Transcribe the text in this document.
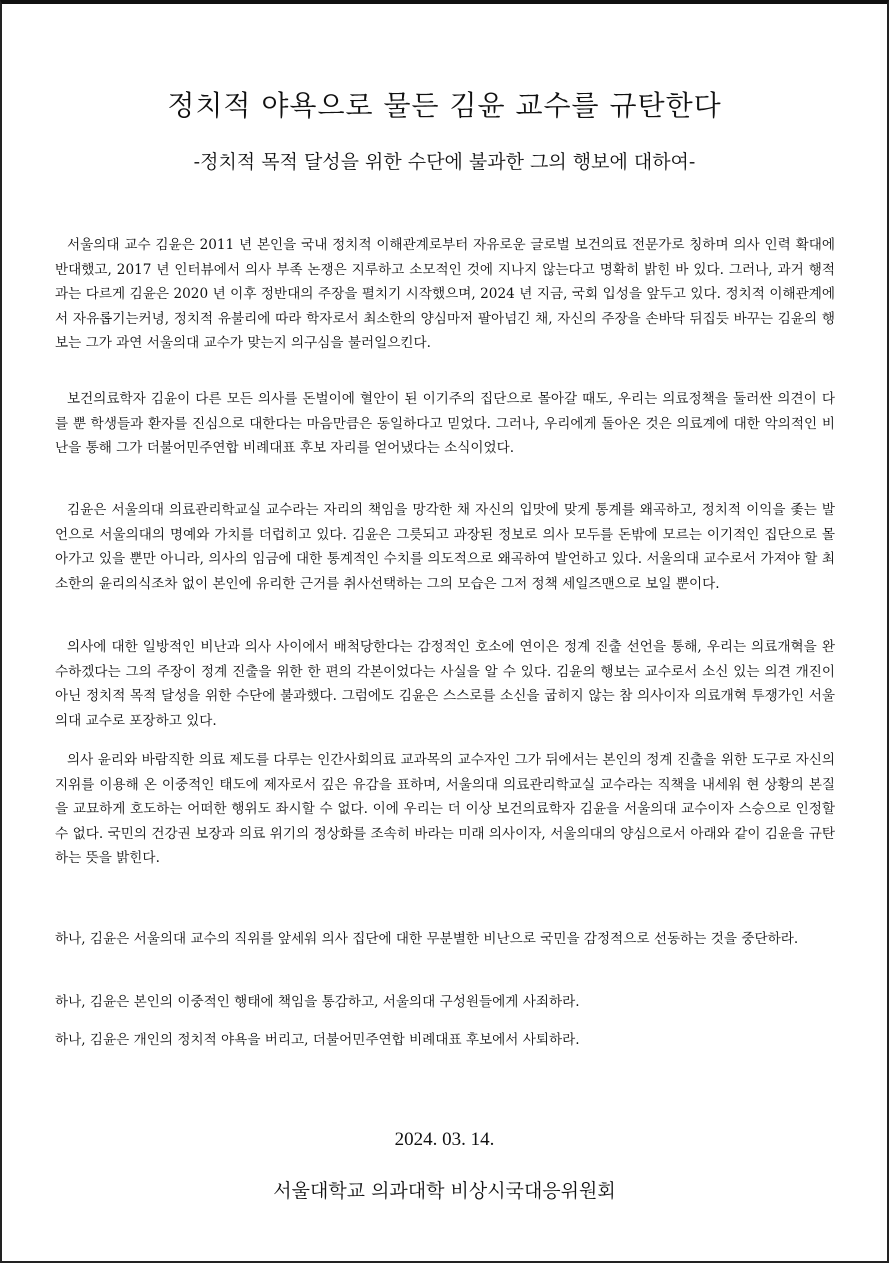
정치적 야욕으로 물든 김윤 교수를 규탄한다

-정치적 목적 달성을 위한 수단에 불과한 그의 행보에 대하여-

서울의대 교수 김윤은 2011 년 본인을 국내 정치적 이해관계로부터 자유로운 글로벌 보건의료 전문가로 칭하며 의사 인력 확대에 반대했고, 2017 년 인터뷰에서 의사 부족 논쟁은 지루하고 소모적인 것에 지나지 않는다고 명확히 밝힌 바 있다. 그러나, 과거 행적과는 다르게 김윤은 2020 년 이후 정반대의 주장을 펼치기 시작했으며, 2024 년 지금, 국회 입성을 앞두고 있다. 정치적 이해관계에서 자유롭기는커녕, 정치적 유불리에 따라 학자로서 최소한의 양심마저 팔아넘긴 채, 자신의 주장을 손바닥 뒤집듯 바꾸는 김윤의 행보는 그가 과연 서울의대 교수가 맞는지 의구심을 불러일으킨다.

보건의료학자 김윤이 다른 모든 의사를 돈벌이에 혈안이 된 이기주의 집단으로 몰아갈 때도, 우리는 의료정책을 둘러싼 의견이 다를 뿐 학생들과 환자를 진심으로 대한다는 마음만큼은 동일하다고 믿었다. 그러나, 우리에게 돌아온 것은 의료계에 대한 악의적인 비난을 통해 그가 더불어민주연합 비례대표 후보 자리를 얻어냈다는 소식이었다.

김윤은 서울의대 의료관리학교실 교수라는 자리의 책임을 망각한 채 자신의 입맛에 맞게 통계를 왜곡하고, 정치적 이익을 좇는 발언으로 서울의대의 명예와 가치를 더럽히고 있다. 김윤은 그릇되고 과장된 정보로 의사 모두를 돈밖에 모르는 이기적인 집단으로 몰아가고 있을 뿐만 아니라, 의사의 임금에 대한 통계적인 수치를 의도적으로 왜곡하여 발언하고 있다. 서울의대 교수로서 가져야 할 최소한의 윤리의식조차 없이 본인에 유리한 근거를 취사선택하는 그의 모습은 그저 정책 세일즈맨으로 보일 뿐이다.

의사에 대한 일방적인 비난과 의사 사이에서 배척당한다는 감정적인 호소에 연이은 정계 진출 선언을 통해, 우리는 의료개혁을 완수하겠다는 그의 주장이 정계 진출을 위한 한 편의 각본이었다는 사실을 알 수 있다. 김윤의 행보는 교수로서 소신 있는 의견 개진이 아닌 정치적 목적 달성을 위한 수단에 불과했다. 그럼에도 김윤은 스스로를 소신을 굽히지 않는 참 의사이자 의료개혁 투쟁가인 서울의대 교수로 포장하고 있다.

의사 윤리와 바람직한 의료 제도를 다루는 인간사회의료 교과목의 교수자인 그가 뒤에서는 본인의 정계 진출을 위한 도구로 자신의 지위를 이용해 온 이중적인 태도에 제자로서 깊은 유감을 표하며, 서울의대 의료관리학교실 교수라는 직책을 내세워 현 상황의 본질을 교묘하게 호도하는 어떠한 행위도 좌시할 수 없다. 이에 우리는 더 이상 보건의료학자 김윤을 서울의대 교수이자 스승으로 인정할 수 없다. 국민의 건강권 보장과 의료 위기의 정상화를 조속히 바라는 미래 의사이자, 서울의대의 양심으로서 아래와 같이 김윤을 규탄하는 뜻을 밝힌다.

하나, 김윤은 서울의대 교수의 직위를 앞세워 의사 집단에 대한 무분별한 비난으로 국민을 감정적으로 선동하는 것을 중단하라.

하나, 김윤은 본인의 이중적인 행태에 책임을 통감하고, 서울의대 구성원들에게 사죄하라.

하나, 김윤은 개인의 정치적 야욕을 버리고, 더불어민주연합 비례대표 후보에서 사퇴하라.

2024. 03. 14.

서울대학교 의과대학 비상시국대응위원회
